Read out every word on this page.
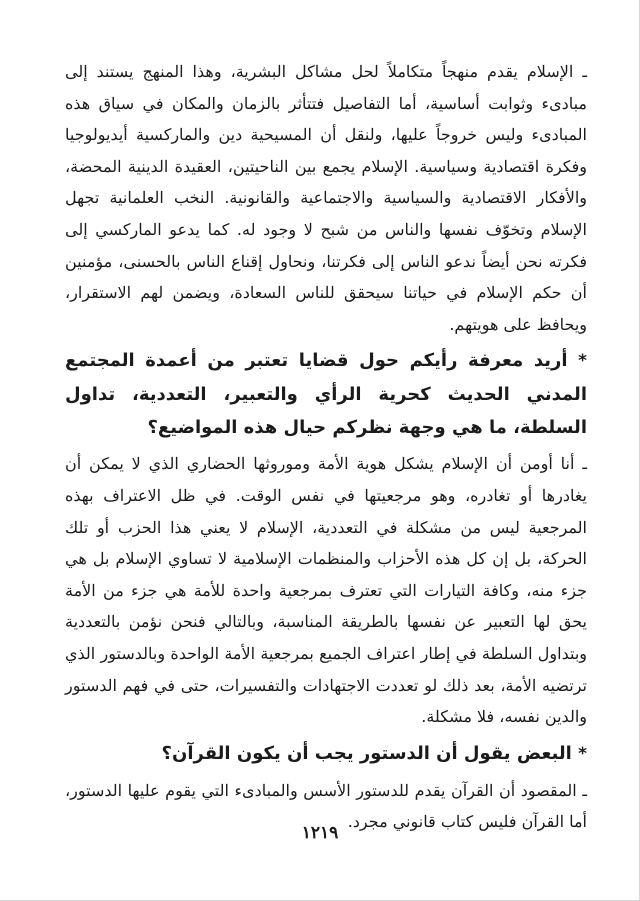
ـ الإسلام يقدم منهجاً متكاملاً لحل مشاكل البشرية، وهذا المنهج يستند إلى مبادىء وثوابت أساسية، أما التفاصيل فتتأثر بالزمان والمكان في سياق هذه المبادىء وليس خروجاً عليها، ولنقل أن المسيحية دين والماركسية أيديولوجيا وفكرة اقتصادية وسياسية. الإسلام يجمع بين الناحيتين، العقيدة الدينية المحضة، والأفكار الاقتصادية والسياسية والاجتماعية والقانونية. النخب العلمانية تجهل الإسلام وتخوّف نفسها والناس من شبح لا وجود له. كما يدعو الماركسي إلى فكرته نحن أيضاً ندعو الناس إلى فكرتنا، ونحاول إقناع الناس بالحسنى، مؤمنين أن حكم الإسلام في حياتنا سيحقق للناس السعادة، ويضمن لهم الاستقرار، ويحافظ على هويتهم.

* أريد معرفة رأيكم حول قضايا تعتبر من أعمدة المجتمع المدني الحديث كحرية الرأي والتعبير، التعددية، تداول السلطة، ما هي وجهة نظركم حيال هذه المواضيع؟

ـ أنا أومن أن الإسلام يشكل هوية الأمة وموروثها الحضاري الذي لا يمكن أن يغادرها أو تغادره، وهو مرجعيتها في نفس الوقت. في ظل الاعتراف بهذه المرجعية ليس من مشكلة في التعددية، الإسلام لا يعني هذا الحزب أو تلك الحركة، بل إن كل هذه الأحزاب والمنظمات الإسلامية لا تساوي الإسلام بل هي جزء منه، وكافة التيارات التي تعترف بمرجعية واحدة للأمة هي جزء من الأمة يحق لها التعبير عن نفسها بالطريقة المناسبة، وبالتالي فنحن نؤمن بالتعددية وبتداول السلطة في إطار اعتراف الجميع بمرجعية الأمة الواحدة وبالدستور الذي ترتضيه الأمة، بعد ذلك لو تعددت الاجتهادات والتفسيرات، حتى في فهم الدستور والدين نفسه، فلا مشكلة.

* البعض يقول أن الدستور يجب أن يكون القرآن؟

ـ المقصود أن القرآن يقدم للدستور الأسس والمبادىء التي يقوم عليها الدستور، أما القرآن فليس كتاب قانوني مجرد.

١٢١٩
